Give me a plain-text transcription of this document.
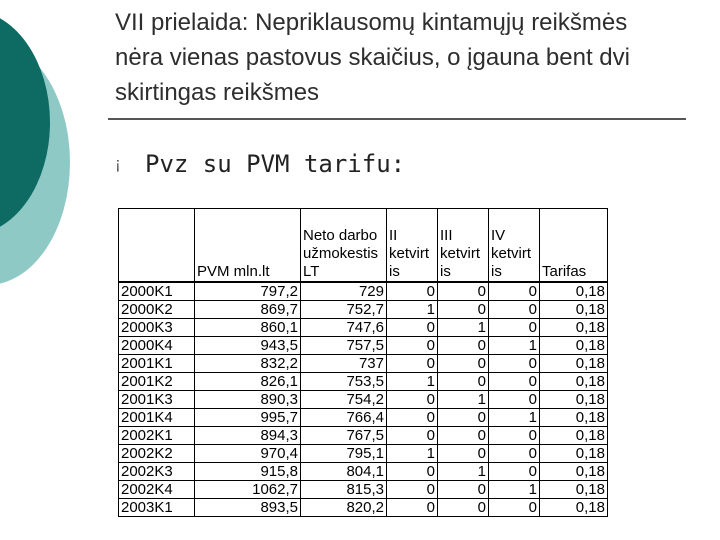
VII prielaida: Nepriklausomų kintamųjų reikšmės nėra vienas pastovus skaičius, o įgauna bent dvi skirtingas reikšmes
¡	Pvz su PVM tarifu:
	PVM mln.lt	Neto darbo užmokestis LT	II ketvirt is	III ketvirt is	IV ketvirt is	Tarifas
2000K1	797,2	729	0	0	0	0,18
2000K2	869,7	752,7	1	0	0	0,18
2000K3	860,1	747,6	0	1	0	0,18
2000K4	943,5	757,5	0	0	1	0,18
2001K1	832,2	737	0	0	0	0,18
2001K2	826,1	753,5	1	0	0	0,18
2001K3	890,3	754,2	0	1	0	0,18
2001K4	995,7	766,4	0	0	1	0,18
2002K1	894,3	767,5	0	0	0	0,18
2002K2	970,4	795,1	1	0	0	0,18
2002K3	915,8	804,1	0	1	0	0,18
2002K4	1062,7	815,3	0	0	1	0,18
2003K1	893,5	820,2	0	0	0	0,18
